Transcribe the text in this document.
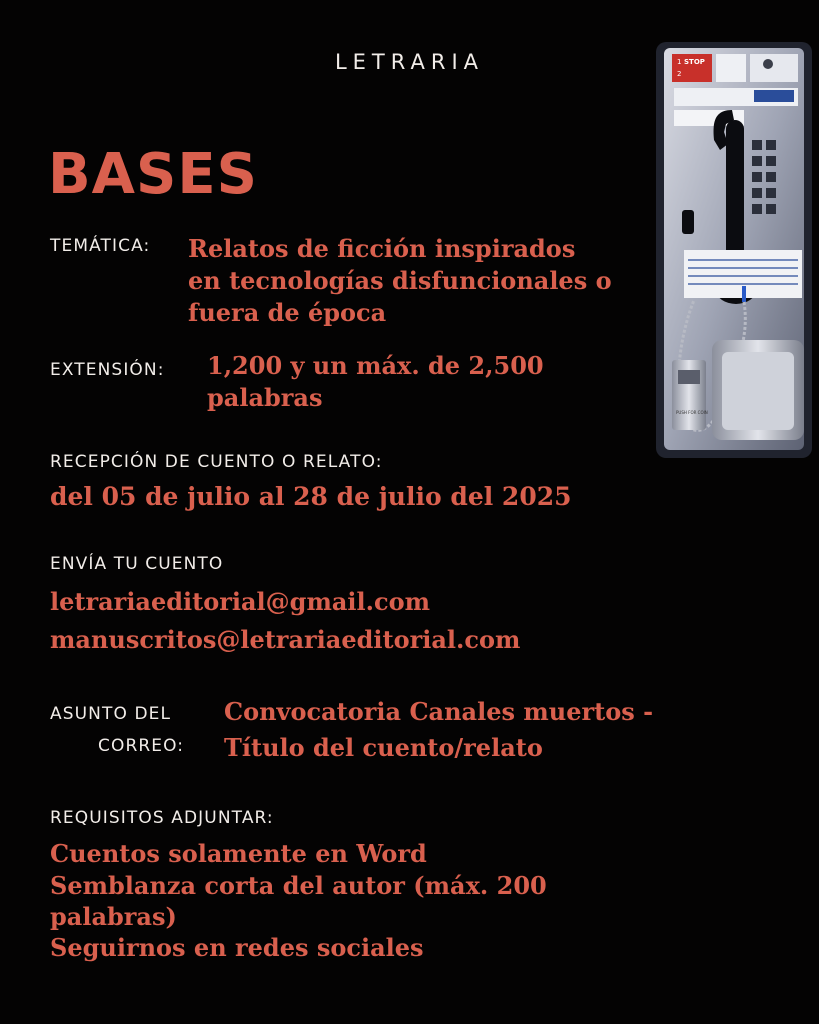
LETRARIA
BASES
1 STOP
2
PUSH FOR COIN
TEMÁTICA: Relatos de ficción inspirados
en tecnologías disfuncionales o
fuera de época
EXTENSIÓN: 1,200 y un máx. de 2,500
palabras
RECEPCIÓN DE CUENTO O RELATO:
del 05 de julio al 28 de julio del 2025
ENVÍA TU CUENTO
letrariaeditorial@gmail.com
manuscritos@letrariaeditorial.com
ASUNTO DEL
CORREO:
Convocatoria Canales muertos -
Título del cuento/relato
REQUISITOS ADJUNTAR:
Cuentos solamente en Word
Semblanza corta del autor (máx. 200
palabras)
Seguirnos en redes sociales
